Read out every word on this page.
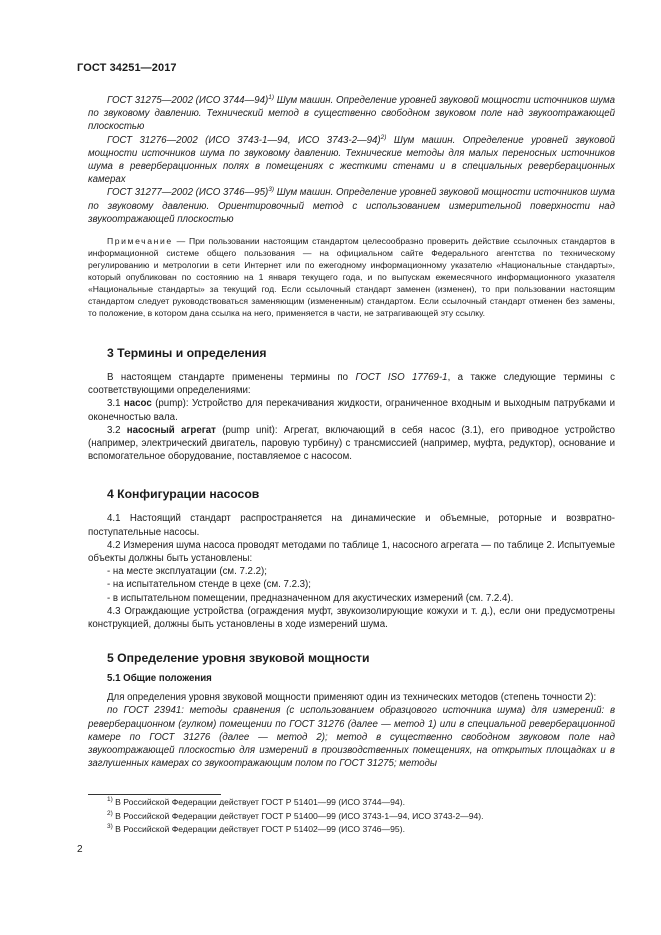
ГОСТ 34251—2017

ГОСТ 31275—2002 (ИСО 3744—94)$^{1)}$ Шум машин. Определение уровней звуковой мощности источников шума по звуковому давлению. Технический метод в существенно свободном звуковом поле над звукоотражающей плоскостью

ГОСТ 31276—2002 (ИСО 3743-1—94, ИСО 3743-2—94)$^{2)}$ Шум машин. Определение уровней звуковой мощности источников шума по звуковому давлению. Технические методы для малых переносных источников шума в реверберационных полях в помещениях с жесткими стенами и в специальных реверберационных камерах

ГОСТ 31277—2002 (ИСО 3746—95)$^{3)}$ Шум машин. Определение уровней звуковой мощности источников шума по звуковому давлению. Ориентировочный метод с использованием измерительной поверхности над звукоотражающей плоскостью

Примечание — При пользовании настоящим стандартом целесообразно проверить действие ссылочных стандартов в информационной системе общего пользования — на официальном сайте Федерального агентства по техническому регулированию и метрологии в сети Интернет или по ежегодному информационному указателю «Национальные стандарты», который опубликован по состоянию на 1 января текущего года, и по выпускам ежемесячного информационного указателя «Национальные стандарты» за текущий год. Если ссылочный стандарт заменен (изменен), то при пользовании настоящим стандартом следует руководствоваться заменяющим (измененным) стандартом. Если ссылочный стандарт отменен без замены, то положение, в котором дана ссылка на него, применяется в части, не затрагивающей эту ссылку.

3 Термины и определения

В настоящем стандарте применены термины по ГОСТ ISO 17769-1, а также следующие термины с соответствующими определениями:

3.1 насос (pump): Устройство для перекачивания жидкости, ограниченное входным и выходным патрубками и оконечностью вала.

3.2 насосный агрегат (pump unit): Агрегат, включающий в себя насос (3.1), его приводное устройство (например, электрический двигатель, паровую турбину) с трансмиссией (например, муфта, редуктор), основание и вспомогательное оборудование, поставляемое с насосом.

4 Конфигурации насосов

4.1 Настоящий стандарт распространяется на динамические и объемные, роторные и возвратно-поступательные насосы.

4.2 Измерения шума насоса проводят методами по таблице 1, насосного агрегата — по таблице 2. Испытуемые объекты должны быть установлены:

- на месте эксплуатации (см. 7.2.2);

- на испытательном стенде в цехе (см. 7.2.3);

- в испытательном помещении, предназначенном для акустических измерений (см. 7.2.4).

4.3 Ограждающие устройства (ограждения муфт, звукоизолирующие кожухи и т. д.), если они предусмотрены конструкцией, должны быть установлены в ходе измерений шума.

5 Определение уровня звуковой мощности

5.1 Общие положения

Для определения уровня звуковой мощности применяют один из технических методов (степень точности 2):

по ГОСТ 23941: методы сравнения (с использованием образцового источника шума) для измерений: в реверберационном (гулком) помещении по ГОСТ 31276 (далее — метод 1) или в специальной реверберационной камере по ГОСТ 31276 (далее — метод 2); метод в существенно свободном звуковом поле над звукоотражающей плоскостью для измерений в производственных помещениях, на открытых площадках и в заглушенных камерах со звукоотражающим полом по ГОСТ 31275; методы

$^{1)}$ В Российской Федерации действует ГОСТ Р 51401—99 (ИСО 3744—94).

$^{2)}$ В Российской Федерации действует ГОСТ Р 51400—99 (ИСО 3743-1—94, ИСО 3743-2—94).

$^{3)}$ В Российской Федерации действует ГОСТ Р 51402—99 (ИСО 3746—95).

2
